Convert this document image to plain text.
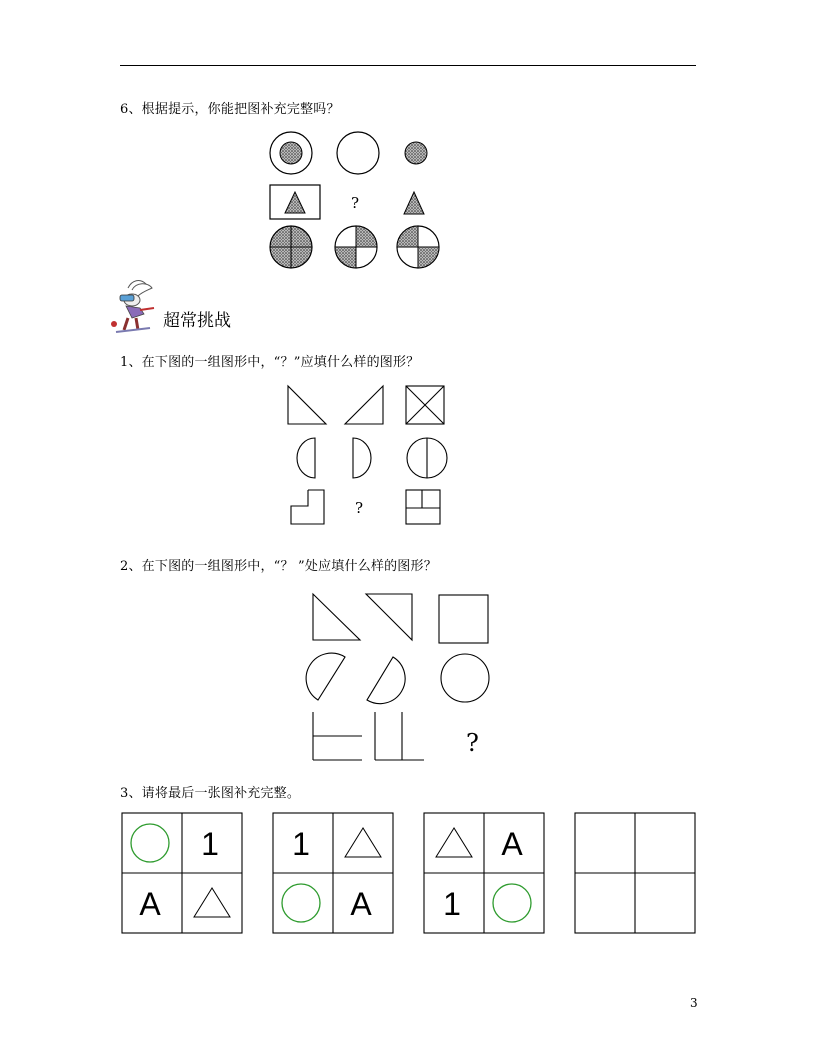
6、根据提示，你能把图补充完整吗？
?
超常挑战
1、在下图的一组图形中，“？”应填什么样的图形？
?
2、在下图的一组图形中，“？ ”处应填什么样的图形？
?
3、请将最后一张图补充完整。
1
A
1
A
A
1
3
